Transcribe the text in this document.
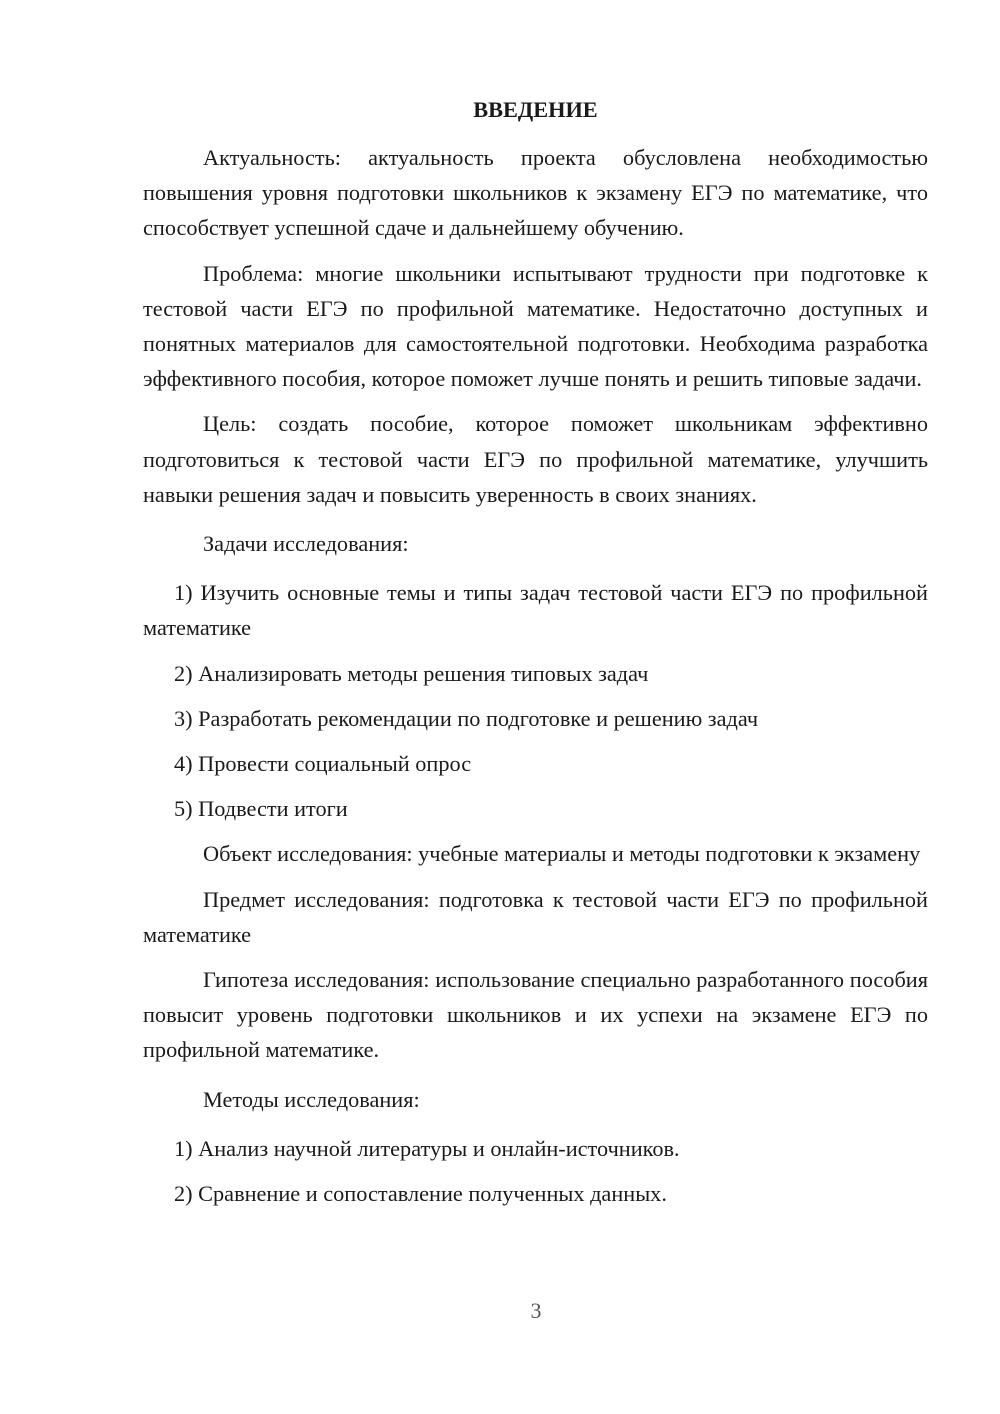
ВВЕДЕНИЕ

Актуальность: актуальность проекта обусловлена необходимостью повышения уровня подготовки школьников к экзамену ЕГЭ по математике, что способствует успешной сдаче и дальнейшему обучению.

Проблема: многие школьники испытывают трудности при подготовке к тестовой части ЕГЭ по профильной математике. Недостаточно доступных и понятных материалов для самостоятельной подготовки. Необходима разработка эффективного пособия, которое поможет лучше понять и решить типовые задачи.

Цель: создать пособие, которое поможет школьникам эффективно подготовиться к тестовой части ЕГЭ по профильной математике, улучшить навыки решения задач и повысить уверенность в своих знаниях.

Задачи исследования:

1) Изучить основные темы и типы задач тестовой части ЕГЭ по профильной математике

2) Анализировать методы решения типовых задач

3) Разработать рекомендации по подготовке и решению задач

4) Провести социальный опрос

5) Подвести итоги

Объект исследования: учебные материалы и методы подготовки к экзамену

Предмет исследования: подготовка к тестовой части ЕГЭ по профильной математике

Гипотеза исследования: использование специально разработанного пособия повысит уровень подготовки школьников и их успехи на экзамене ЕГЭ по профильной математике.

Методы исследования:

1) Анализ научной литературы и онлайн-источников.

2) Сравнение и сопоставление полученных данных.

3
